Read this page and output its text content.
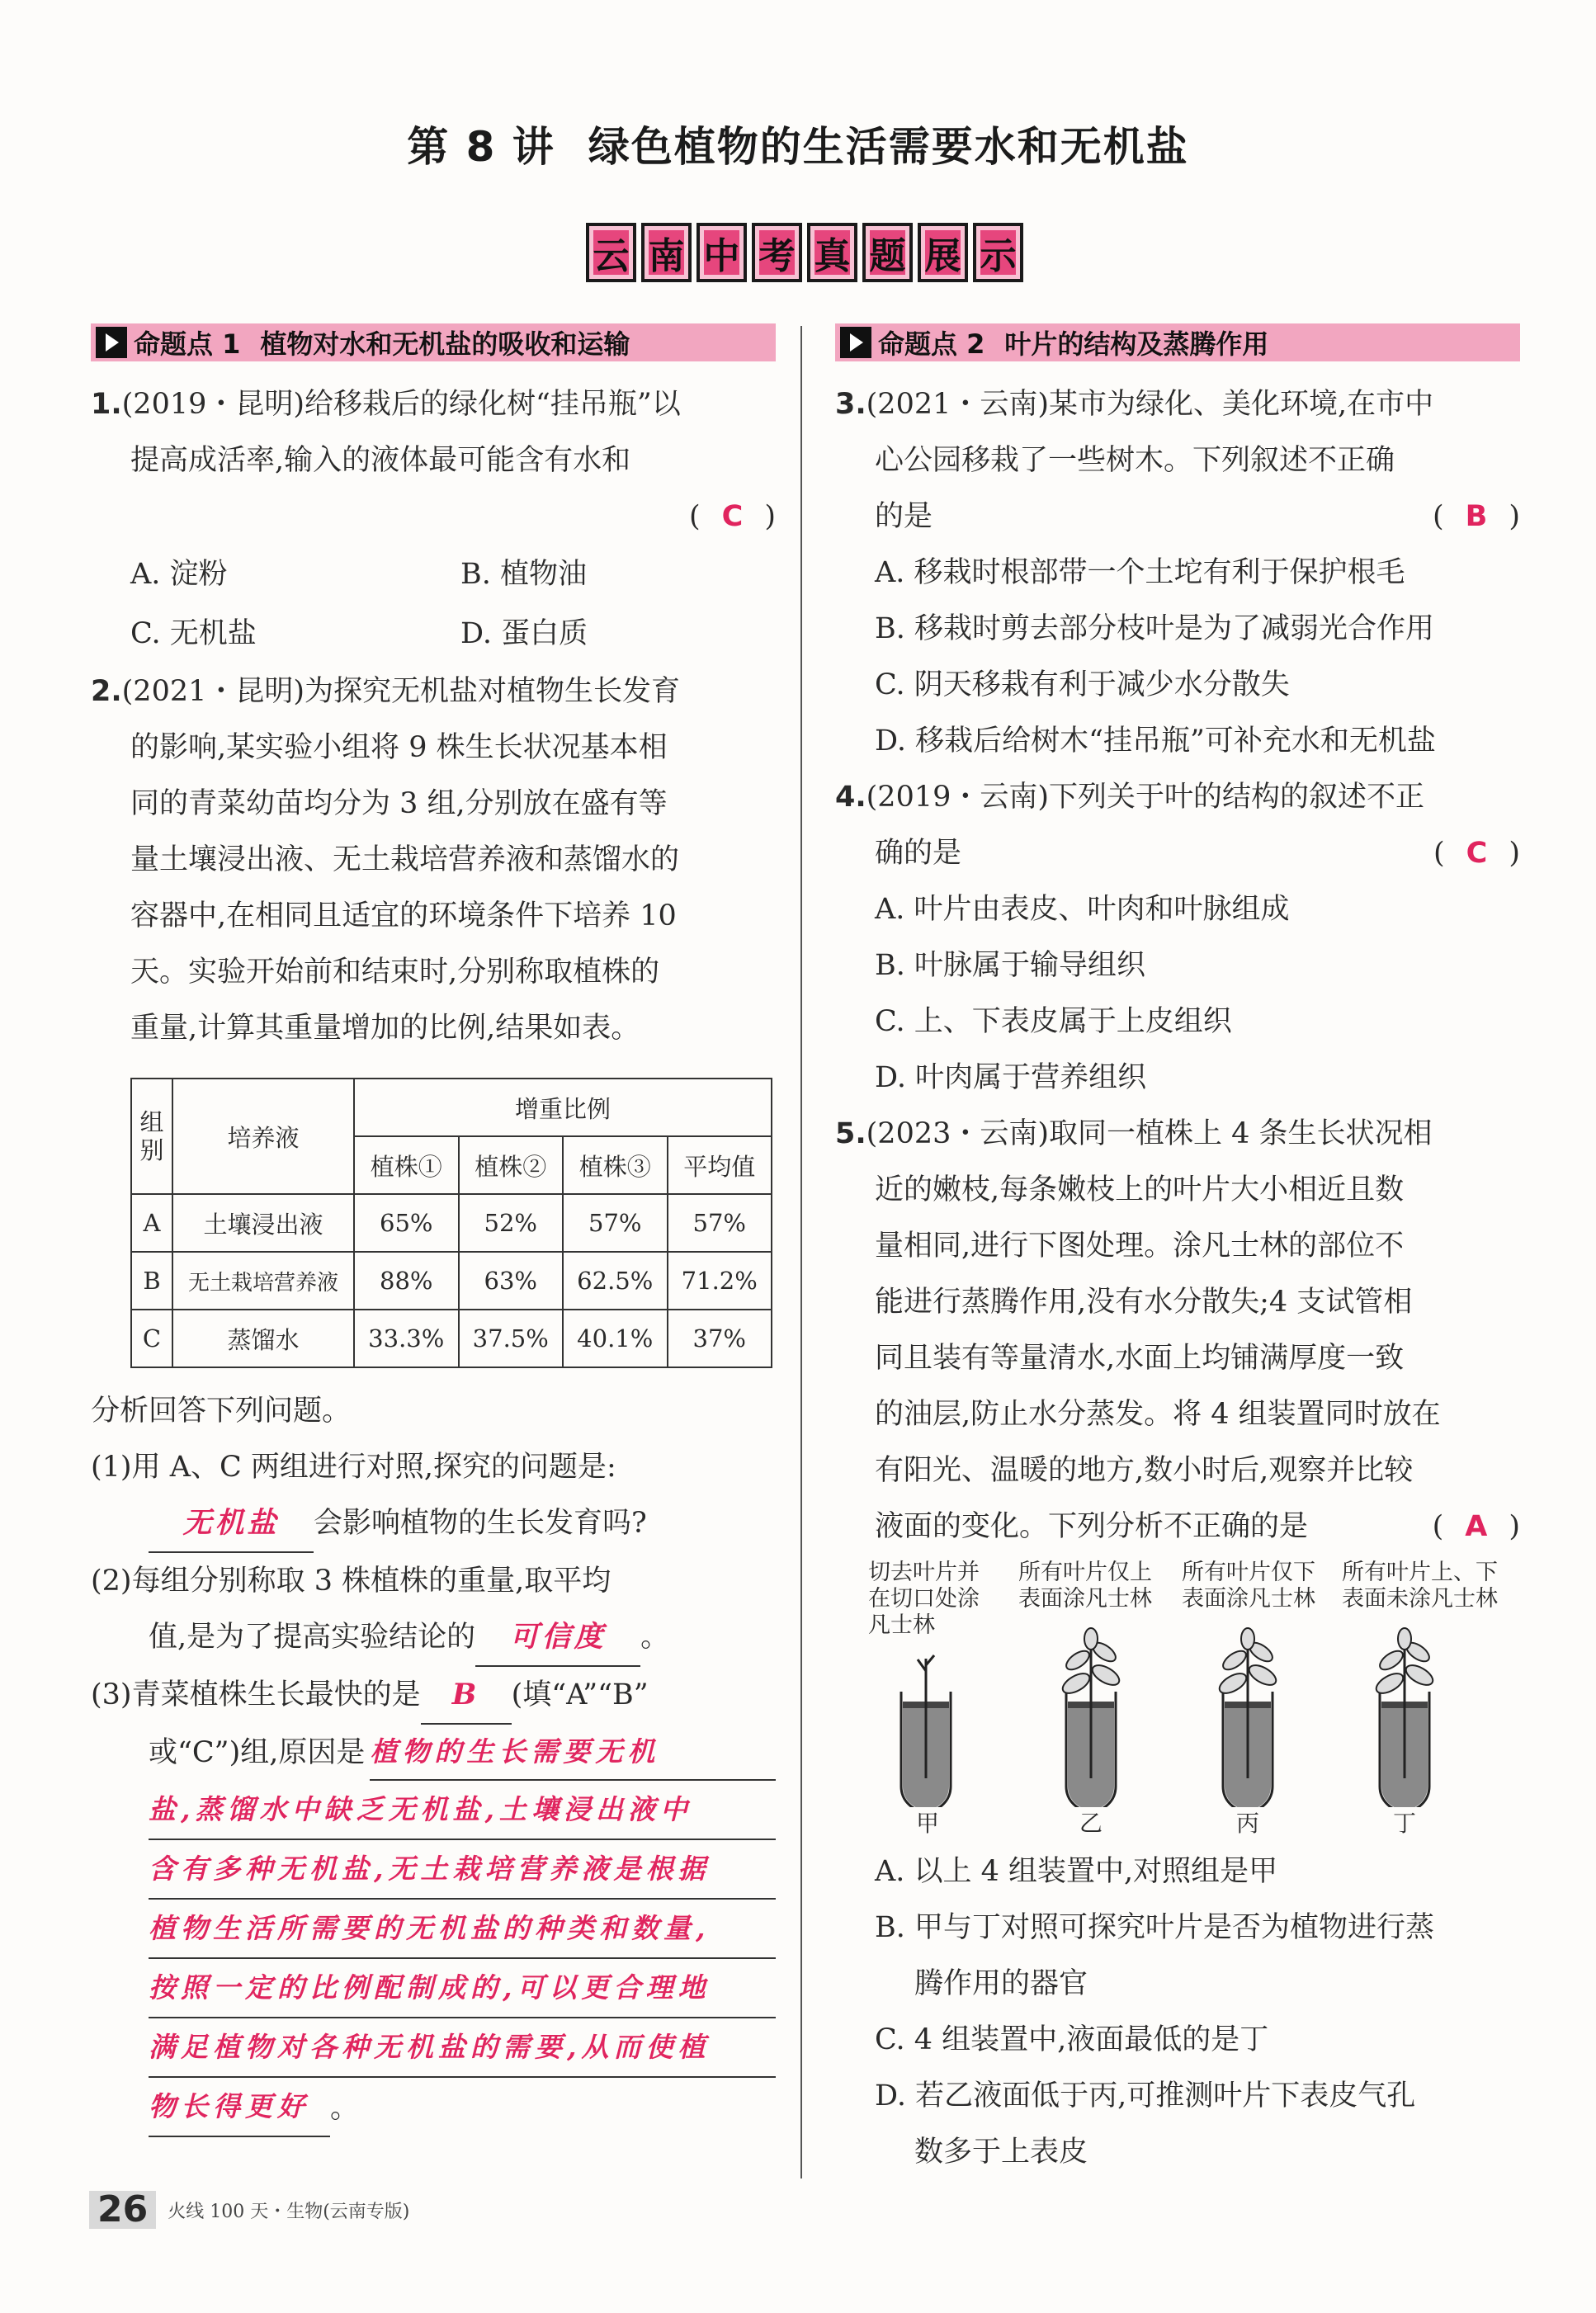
第 8 讲 绿色植物的生活需要水和无机盐
云 南 中 考 真 题 展 示
命题点 1 植物对水和无机盐的吸收和运输
1.(2019・昆明)给移栽后的绿化树“挂吊瓶”以
提高成活率,输入的液体最可能含有水和
( C )
A. 淀粉	B. 植物油
C. 无机盐	D. 蛋白质
2.(2021・昆明)为探究无机盐对植物生长发育
的影响,某实验小组将 9 株生长状况基本相
同的青菜幼苗均分为 3 组,分别放在盛有等
量土壤浸出液、无土栽培营养液和蒸馏水的
容器中,在相同且适宜的环境条件下培养 10
天。实验开始前和结束时,分别称取植株的
重量,计算其重量增加的比例,结果如表。
组别	培养液	增重比例			
		植株①	植株②	植株③	平均值
A	土壤浸出液	65%	52%	57%	57%
B	无土栽培营养液	88%	63%	62.5%	71.2%
C	蒸馏水	33.3%	37.5%	40.1%	37%
分析回答下列问题。
(1)用 A、C 两组进行对照,探究的问题是:
无机盐 会影响植物的生长发育吗?
(2)每组分别称取 3 株植株的重量,取平均
值,是为了提高实验结论的 可信度 。
(3)青菜植株生长最快的是 B (填“A”“B”
或“C”)组,原因是 植物的生长需要无机
盐,蒸馏水中缺乏无机盐,土壤浸出液中
含有多种无机盐,无土栽培营养液是根据
植物生活所需要的无机盐的种类和数量,
按照一定的比例配制成的,可以更合理地
满足植物对各种无机盐的需要,从而使植
物长得更好 。
命题点 2 叶片的结构及蒸腾作用
3.(2021・云南)某市为绿化、美化环境,在市中
心公园移栽了一些树木。下列叙述不正确
的是	( B )
A. 移栽时根部带一个土坨有利于保护根毛
B. 移栽时剪去部分枝叶是为了减弱光合作用
C. 阴天移栽有利于减少水分散失
D. 移栽后给树木“挂吊瓶”可补充水和无机盐
4.(2019・云南)下列关于叶的结构的叙述不正
确的是	( C )
A. 叶片由表皮、叶肉和叶脉组成
B. 叶脉属于输导组织
C. 上、下表皮属于上皮组织
D. 叶肉属于营养组织
5.(2023・云南)取同一植株上 4 条生长状况相
近的嫩枝,每条嫩枝上的叶片大小相近且数
量相同,进行下图处理。涂凡士林的部位不
能进行蒸腾作用,没有水分散失;4 支试管相
同且装有等量清水,水面上均铺满厚度一致
的油层,防止水分蒸发。将 4 组装置同时放在
有阳光、温暖的地方,数小时后,观察并比较
液面的变化。下列分析不正确的是	( A )
切去叶片并
在切口处涂
凡士林
所有叶片仅上
表面涂凡士林
所有叶片仅下
表面涂凡士林
所有叶片上、下
表面未涂凡士林
甲	乙	丙	丁
A. 以上 4 组装置中,对照组是甲
B. 甲与丁对照可探究叶片是否为植物进行蒸
腾作用的器官
C. 4 组装置中,液面最低的是丁
D. 若乙液面低于丙,可推测叶片下表皮气孔
数多于上表皮
26	火线 100 天・生物(云南专版)
